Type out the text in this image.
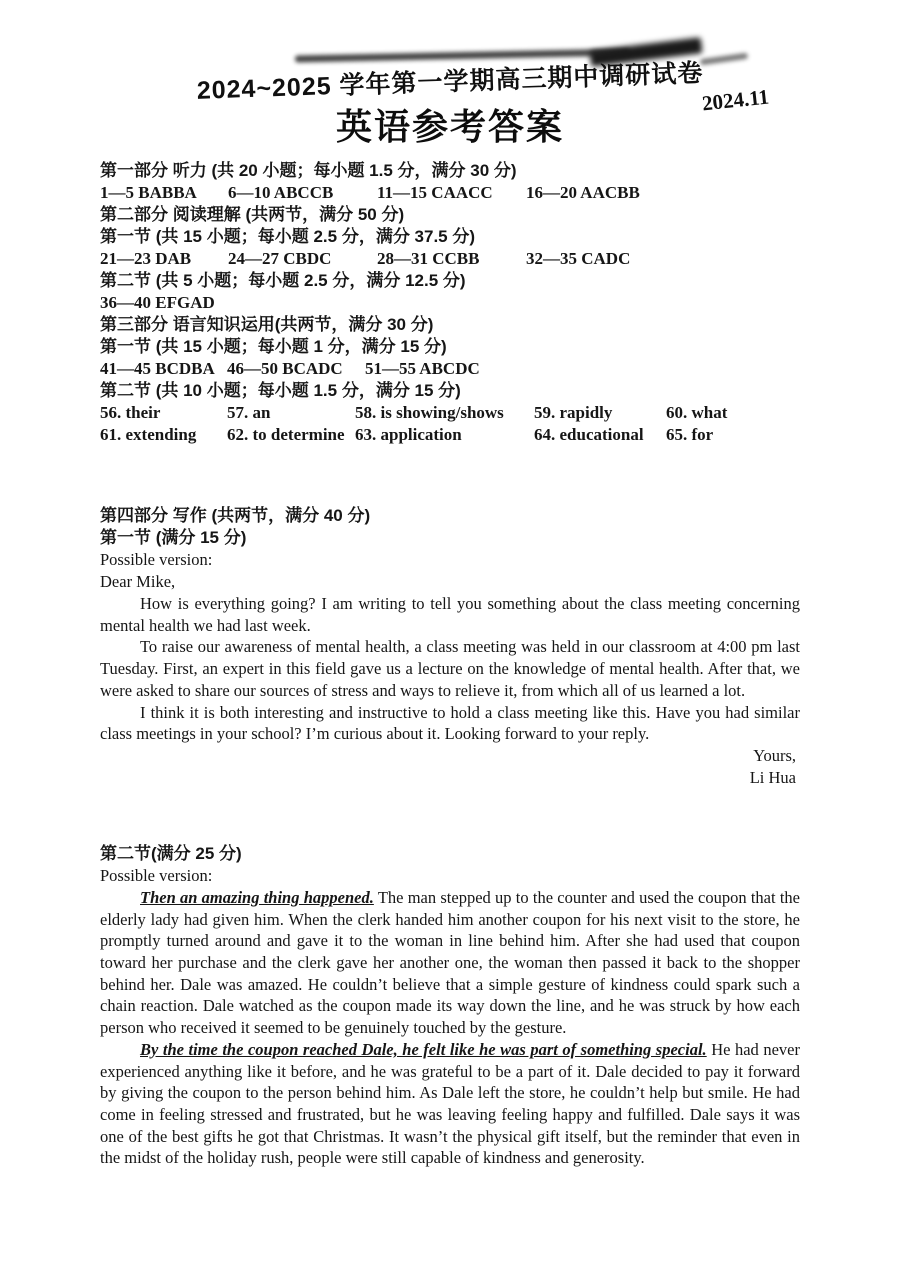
2024~2025 学年第一学期高三期中调研试卷
2024.11
英语参考答案
第一部分 听力 (共 20 小题；每小题 1.5 分，满分 30 分)
1—5 BABBA 6—10 ABCCB	11—15 CAACC 16—20 AACBB
第二部分 阅读理解 (共两节，满分 50 分)
第一节 (共 15 小题；每小题 2.5 分，满分 37.5 分)
21—23 DAB 24—27 CBDC	28—31 CCBB	32—35 CADC
第二节 (共 5 小题；每小题 2.5 分，满分 12.5 分)
36—40 EFGAD
第三部分 语言知识运用(共两节，满分 30 分)
第一节 (共 15 小题；每小题 1 分，满分 15 分)
41—45 BCDBA 46—50 BCADC 51—55 ABCDC
第二节 (共 10 小题；每小题 1.5 分，满分 15 分)
56. their	57. an	58. is showing/shows 59. rapidly	60. what
61. extending 62. to determine 63. application	64. educational 65. for
第四部分 写作 (共两节，满分 40 分)
第一节 (满分 15 分)
Possible version:
Dear Mike,

How is everything going? I am writing to tell you something about the class meeting concerning mental health we had last week.

To raise our awareness of mental health, a class meeting was held in our classroom at 4:00 pm last Tuesday. First, an expert in this field gave us a lecture on the knowledge of mental health. After that, we were asked to share our sources of stress and ways to relieve it, from which all of us learned a lot.

I think it is both interesting and instructive to hold a class meeting like this. Have you had similar class meetings in your school? I’m curious about it. Looking forward to your reply.

Yours,
Li Hua
第二节(满分 25 分)
Possible version:

Then an amazing thing happened. The man stepped up to the counter and used the coupon that the elderly lady had given him. When the clerk handed him another coupon for his next visit to the store, he promptly turned around and gave it to the woman in line behind him. After she had used that coupon toward her purchase and the clerk gave her another one, the woman then passed it back to the shopper behind her. Dale was amazed. He couldn’t believe that a simple gesture of kindness could spark such a chain reaction. Dale watched as the coupon made its way down the line, and he was struck by how each person who received it seemed to be genuinely touched by the gesture.

By the time the coupon reached Dale, he felt like he was part of something special. He had never experienced anything like it before, and he was grateful to be a part of it. Dale decided to pay it forward by giving the coupon to the person behind him. As Dale left the store, he couldn’t help but smile. He had come in feeling stressed and frustrated, but he was leaving feeling happy and fulfilled. Dale says it was one of the best gifts he got that Christmas. It wasn’t the physical gift itself, but the reminder that even in the midst of the holiday rush, people were still capable of kindness and generosity.
